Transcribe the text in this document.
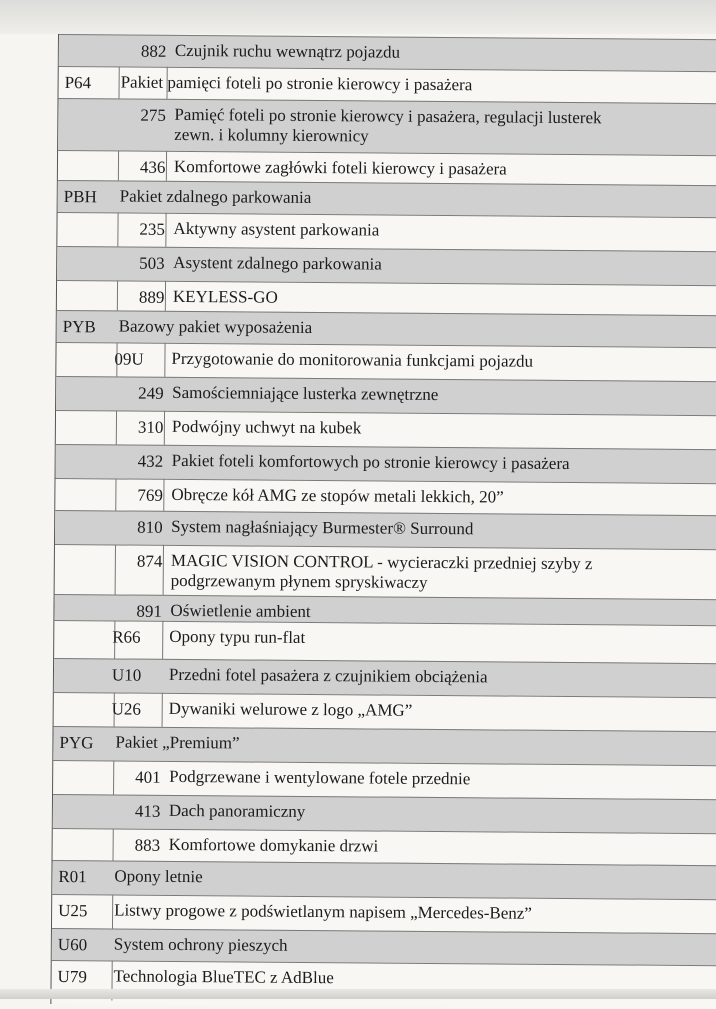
882 Czujnik ruchu wewnątrz pojazdu
P64 Pakiet pamięci foteli po stronie kierowcy i pasażera
275 Pamięć foteli po stronie kierowcy i pasażera, regulacji lusterek
zewn. i kolumny kierownicy
436 Komfortowe zagłówki foteli kierowcy i pasażera
PBH Pakiet zdalnego parkowania
235 Aktywny asystent parkowania
503 Asystent zdalnego parkowania
889 KEYLESS-GO
PYB Bazowy pakiet wyposażenia
09U Przygotowanie do monitorowania funkcjami pojazdu
249 Samościemniające lusterka zewnętrzne
310 Podwójny uchwyt na kubek
432 Pakiet foteli komfortowych po stronie kierowcy i pasażera
769 Obręcze kół AMG ze stopów metali lekkich, 20”
810 System nagłaśniający Burmester® Surround
874 MAGIC VISION CONTROL - wycieraczki przedniej szyby z
podgrzewanym płynem spryskiwaczy
891 Oświetlenie ambient
R66 Opony typu run-flat
U10 Przedni fotel pasażera z czujnikiem obciążenia
U26 Dywaniki welurowe z logo „AMG”
PYG Pakiet „Premium”
401 Podgrzewane i wentylowane fotele przednie
413 Dach panoramiczny
883 Komfortowe domykanie drzwi
R01 Opony letnie
U25 Listwy progowe z podświetlanym napisem „Mercedes-Benz”
U60 System ochrony pieszych
U79 Technologia BlueTEC z AdBlue
